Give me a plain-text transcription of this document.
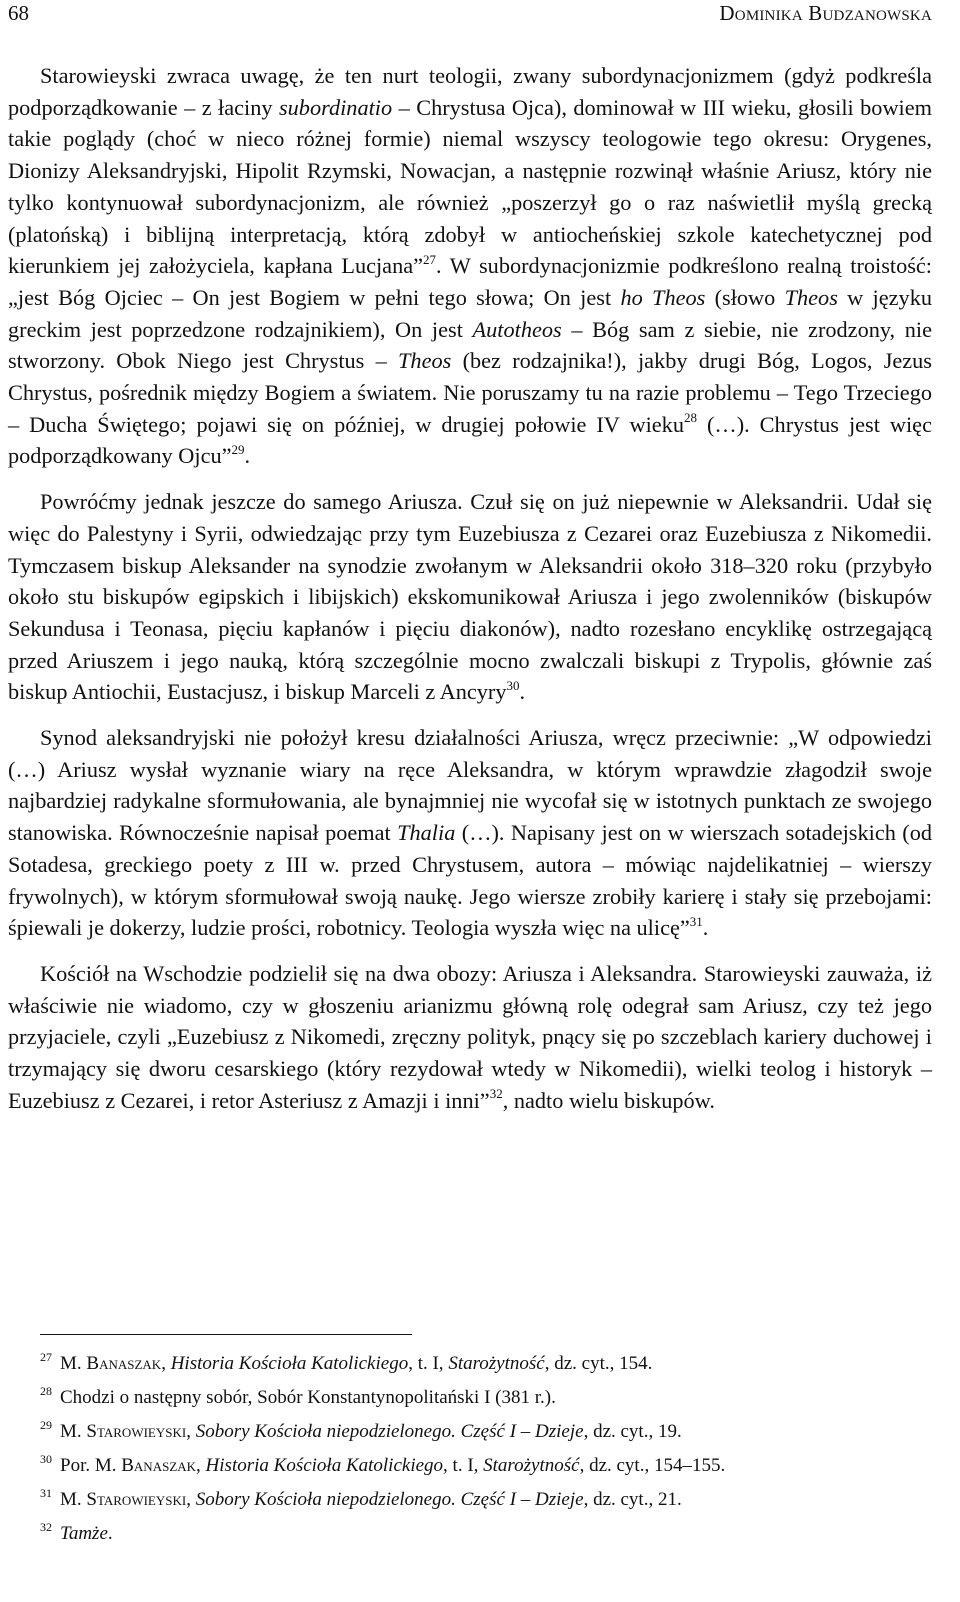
68	Dominika Budzanowska

Starowieyski zwraca uwagę, że ten nurt teologii, zwany subordynacjonizmem (gdyż podkreśla podporządkowanie – z łaciny subordinatio – Chrystusa Ojca), dominował w III wieku, głosili bowiem takie poglądy (choć w nieco różnej formie) niemal wszyscy teologowie tego okresu: Orygenes, Dionizy Aleksandryjski, Hipolit Rzymski, Nowacjan, a następnie rozwinął właśnie Ariusz, który nie tylko kontynuował subordynacjonizm, ale również „poszerzył go o raz naświetlił myślą grecką (platońską) i biblijną interpretacją, którą zdobył w antiocheńskiej szkole katechetycznej pod kierunkiem jej założyciela, kapłana Lucjana”$^{27}$. W subordynacjonizmie podkreślono realną troistość: „jest Bóg Ojciec – On jest Bogiem w pełni tego słowa; On jest ho Theos (słowo Theos w języku greckim jest poprzedzone rodzajnikiem), On jest Autotheos – Bóg sam z siebie, nie zrodzony, nie stworzony. Obok Niego jest Chrystus – Theos (bez rodzajnika!), jakby drugi Bóg, Logos, Jezus Chrystus, pośrednik między Bogiem a światem. Nie poruszamy tu na razie problemu – Tego Trzeciego – Ducha Świętego; pojawi się on później, w drugiej połowie IV wieku$^{28}$ (…). Chrystus jest więc podporządkowany Ojcu”$^{29}$.

Powróćmy jednak jeszcze do samego Ariusza. Czuł się on już niepewnie w Aleksandrii. Udał się więc do Palestyny i Syrii, odwiedzając przy tym Euzebiusza z Cezarei oraz Euzebiusza z Nikomedii. Tymczasem biskup Aleksander na synodzie zwołanym w Aleksandrii około 318–320 roku (przybyło około stu biskupów egipskich i libijskich) ekskomunikował Ariusza i jego zwolenników (biskupów Sekundusa i Teonasa, pięciu kapłanów i pięciu diakonów), nadto rozesłano encyklikę ostrzegającą przed Ariuszem i jego nauką, którą szczególnie mocno zwalczali biskupi z Trypolis, głównie zaś biskup Antiochii, Eustacjusz, i biskup Marceli z Ancyry$^{30}$.

Synod aleksandryjski nie położył kresu działalności Ariusza, wręcz przeciwnie: „W odpowiedzi (…) Ariusz wysłał wyznanie wiary na ręce Aleksandra, w którym wprawdzie złagodził swoje najbardziej radykalne sformułowania, ale bynajmniej nie wycofał się w istotnych punktach ze swojego stanowiska. Równocześnie napisał poemat Thalia (…). Napisany jest on w wierszach sotadejskich (od Sotadesa, greckiego poety z III w. przed Chrystusem, autora – mówiąc najdelikatniej – wierszy frywolnych), w którym sformułował swoją naukę. Jego wiersze zrobiły karierę i stały się przebojami: śpiewali je dokerzy, ludzie prości, robotnicy. Teologia wyszła więc na ulicę”$^{31}$.

Kościół na Wschodzie podzielił się na dwa obozy: Ariusza i Aleksandra. Starowieyski zauważa, iż właściwie nie wiadomo, czy w głoszeniu arianizmu główną rolę odegrał sam Ariusz, czy też jego przyjaciele, czyli „Euzebiusz z Nikomedi, zręczny polityk, pnący się po szczeblach kariery duchowej i trzymający się dworu cesarskiego (który rezydował wtedy w Nikomedii), wielki teolog i historyk – Euzebiusz z Cezarei, i retor Asteriusz z Amazji i inni”$^{32}$, nadto wielu biskupów.

$^{27}$ M. Banaszak, Historia Kościoła Katolickiego, t. I, Starożytność, dz. cyt., 154.
$^{28}$ Chodzi o następny sobór, Sobór Konstantynopolitański I (381 r.).
$^{29}$ M. Starowieyski, Sobory Kościoła niepodzielonego. Część I – Dzieje, dz. cyt., 19.
$^{30}$ Por. M. Banaszak, Historia Kościoła Katolickiego, t. I, Starożytność, dz. cyt., 154–155.
$^{31}$ M. Starowieyski, Sobory Kościoła niepodzielonego. Część I – Dzieje, dz. cyt., 21.
$^{32}$ Tamże.
